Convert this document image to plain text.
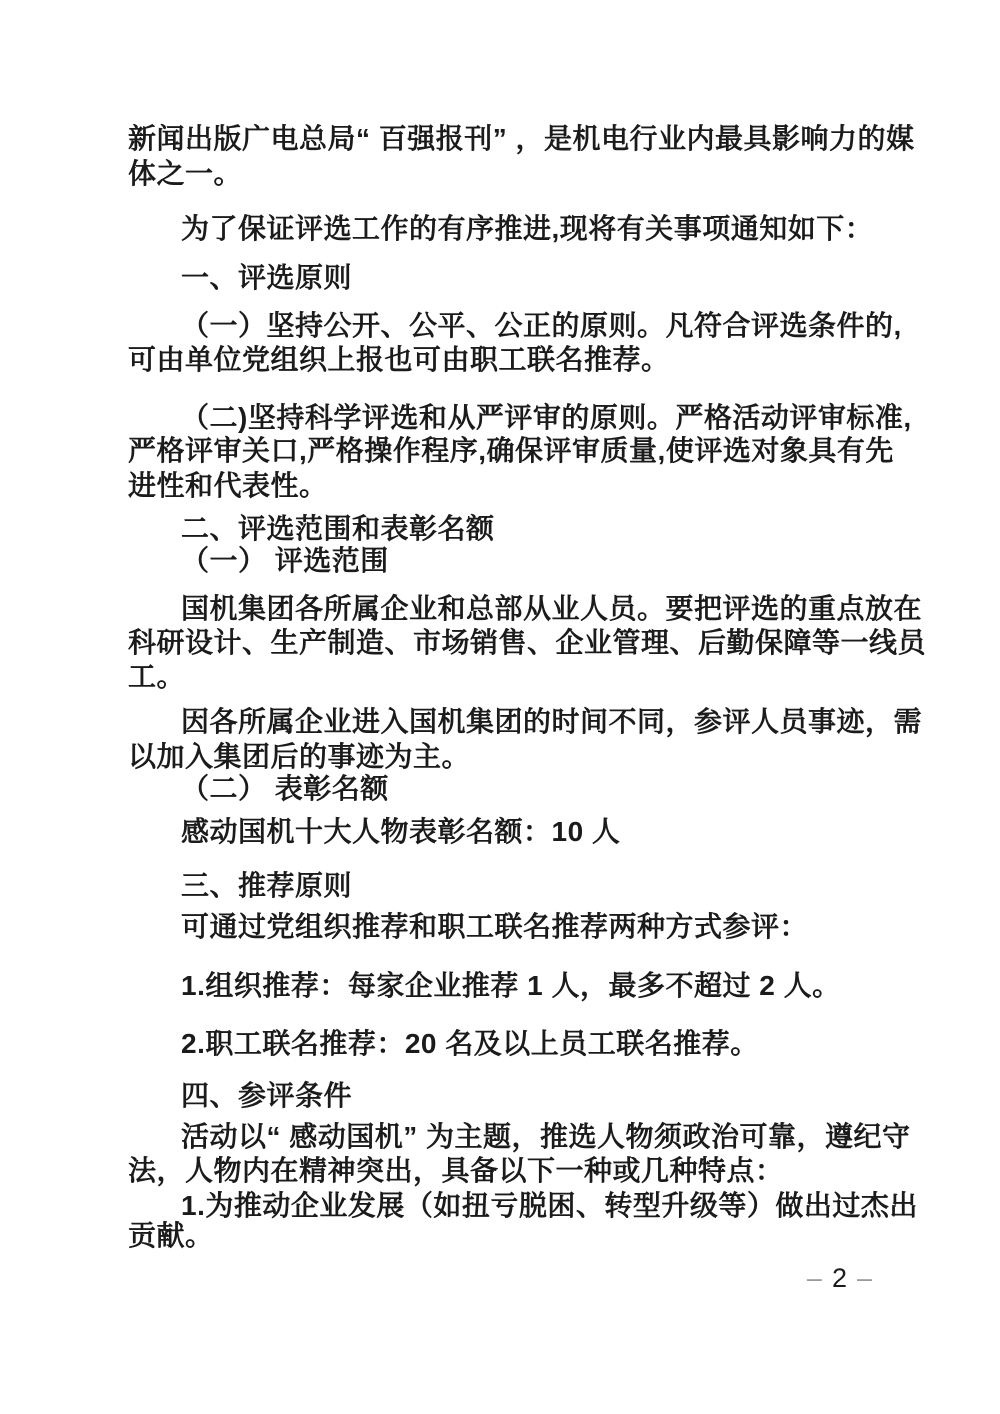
新闻出版广电总局“ 百强报刊” ，是机电行业内最具影响力的媒
体之一。
为了保证评选工作的有序推进,现将有关事项通知如下：
一、评选原则
（一）坚持公开、公平、公正的原则。凡符合评选条件的,
可由单位党组织上报也可由职工联名推荐。
（二)坚持科学评选和从严评审的原则。严格活动评审标准,
严格评审关口,严格操作程序,确保评审质量,使评选对象具有先
进性和代表性。
二、评选范围和表彰名额
（一） 评选范围
国机集团各所属企业和总部从业人员。要把评选的重点放在
科研设计、生产制造、市场销售、企业管理、后勤保障等一线员
工。
因各所属企业进入国机集团的时间不同，参评人员事迹，需
以加入集团后的事迹为主。
（二） 表彰名额
感动国机十大人物表彰名额：10 人
三、推荐原则
可通过党组织推荐和职工联名推荐两种方式参评：
1.组织推荐：每家企业推荐 1 人，最多不超过 2 人。
2.职工联名推荐：20 名及以上员工联名推荐。
四、参评条件
活动以“ 感动国机” 为主题，推选人物须政治可靠，遵纪守
法，人物内在精神突出，具备以下一种或几种特点：
1.为推动企业发展（如扭亏脱困、转型升级等）做出过杰出
贡献。
– 2 –
